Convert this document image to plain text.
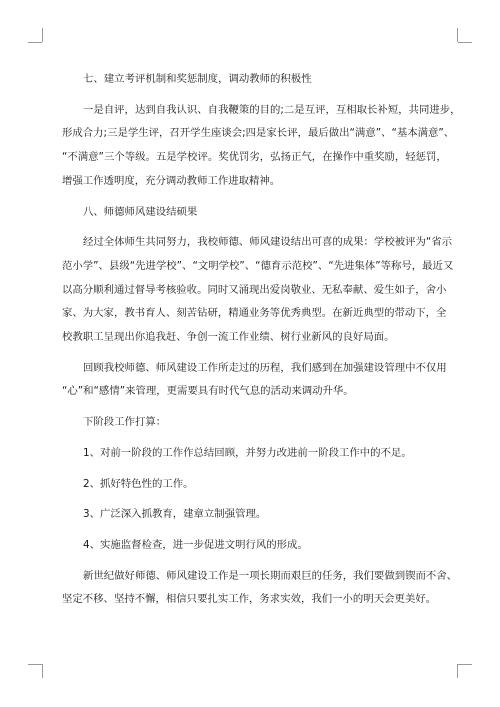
七、建立考评机制和奖惩制度，调动教师的积极性

一是自评，达到自我认识、自我鞭策的目的;二是互评，互相取长补短，共同进步，
形成合力;三是学生评，召开学生座谈会;四是家长评，最后做出“满意”、“基本满意”、
“不满意”三个等级。五是学校评。奖优罚劣，弘扬正气，在操作中重奖励，轻惩罚，
增强工作透明度，充分调动教师工作进取精神。

八、师德师风建设结硕果

经过全体师生共同努力，我校师德、师风建设结出可喜的成果：学校被评为“省示
范小学”、县级“先进学校”、“文明学校”、“德育示范校”、“先进集体”等称号，最近又
以高分顺利通过督导考核验收。同时又涌现出爱岗敬业、无私奉献、爱生如子，舍小
家、为大家，教书育人、刻苦钻研，精通业务等优秀典型。在新近典型的带动下，全
校教职工呈现出你追我赶、争创一流工作业绩、树行业新风的良好局面。

回顾我校师德、师风建设工作所走过的历程，我们感到在加强建设管理中不仅用
“心”和“感情”来管理，更需要具有时代气息的活动来调动升华。

下阶段工作打算：

1、对前一阶段的工作作总结回顾，并努力改进前一阶段工作中的不足。

2、抓好特色性的工作。

3、广泛深入抓教育，建章立制强管理。

4、实施监督检查，进一步促进文明行风的形成。

新世纪做好师德、师风建设工作是一项长期而艰巨的任务，我们要做到锲而不舍、
坚定不移、坚持不懈，相信只要扎实工作，务求实效，我们一小的明天会更美好。
